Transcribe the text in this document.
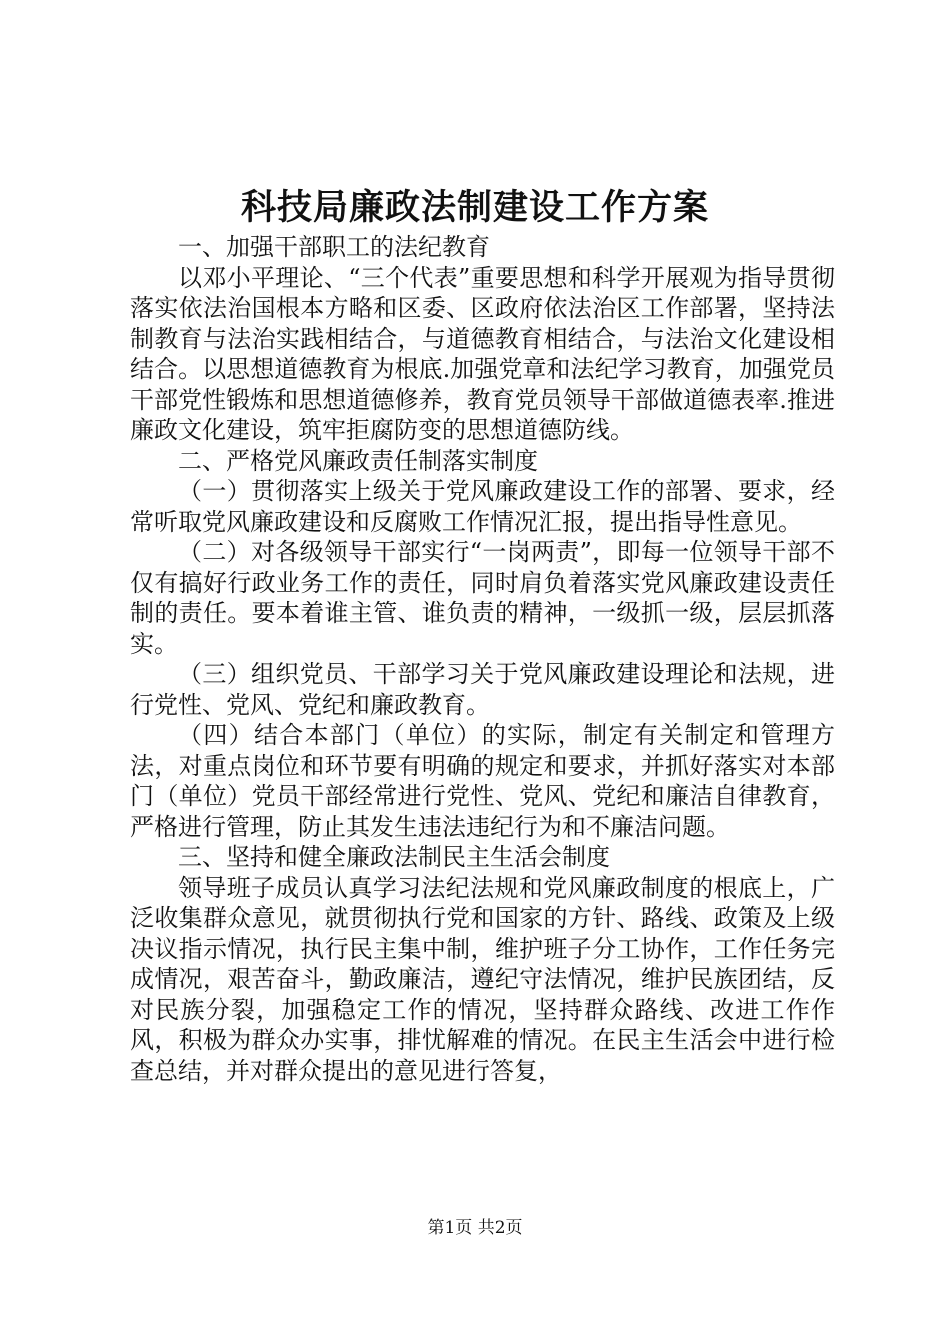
科技局廉政法制建设工作方案

一、加强干部职工的法纪教育

以邓小平理论、“三个代表”重要思想和科学开展观为指导贯彻落实依法治国根本方略和区委、区政府依法治区工作部署，坚持法制教育与法治实践相结合，与道德教育相结合，与法治文化建设相结合。以思想道德教育为根底.加强党章和法纪学习教育，加强党员干部党性锻炼和思想道德修养，教育党员领导干部做道德表率.推进廉政文化建设，筑牢拒腐防变的思想道德防线。

二、严格党风廉政责任制落实制度

（一）贯彻落实上级关于党风廉政建设工作的部署、要求，经常听取党风廉政建设和反腐败工作情况汇报，提出指导性意见。

（二）对各级领导干部实行“一岗两责”，即每一位领导干部不仅有搞好行政业务工作的责任，同时肩负着落实党风廉政建设责任制的责任。要本着谁主管、谁负责的精神，一级抓一级，层层抓落实。

（三）组织党员、干部学习关于党风廉政建设理论和法规，进行党性、党风、党纪和廉政教育。

（四）结合本部门（单位）的实际，制定有关制定和管理方法，对重点岗位和环节要有明确的规定和要求，并抓好落实对本部门（单位）党员干部经常进行党性、党风、党纪和廉洁自律教育，严格进行管理，防止其发生违法违纪行为和不廉洁问题。

三、坚持和健全廉政法制民主生活会制度

领导班子成员认真学习法纪法规和党风廉政制度的根底上，广泛收集群众意见，就贯彻执行党和国家的方针、路线、政策及上级决议指示情况，执行民主集中制，维护班子分工协作，工作任务完成情况，艰苦奋斗，勤政廉洁，遵纪守法情况，维护民族团结，反对民族分裂，加强稳定工作的情况，坚持群众路线、改进工作作风，积极为群众办实事，排忧解难的情况。在民主生活会中进行检查总结，并对群众提出的意见进行答复，

第1页 共2页
